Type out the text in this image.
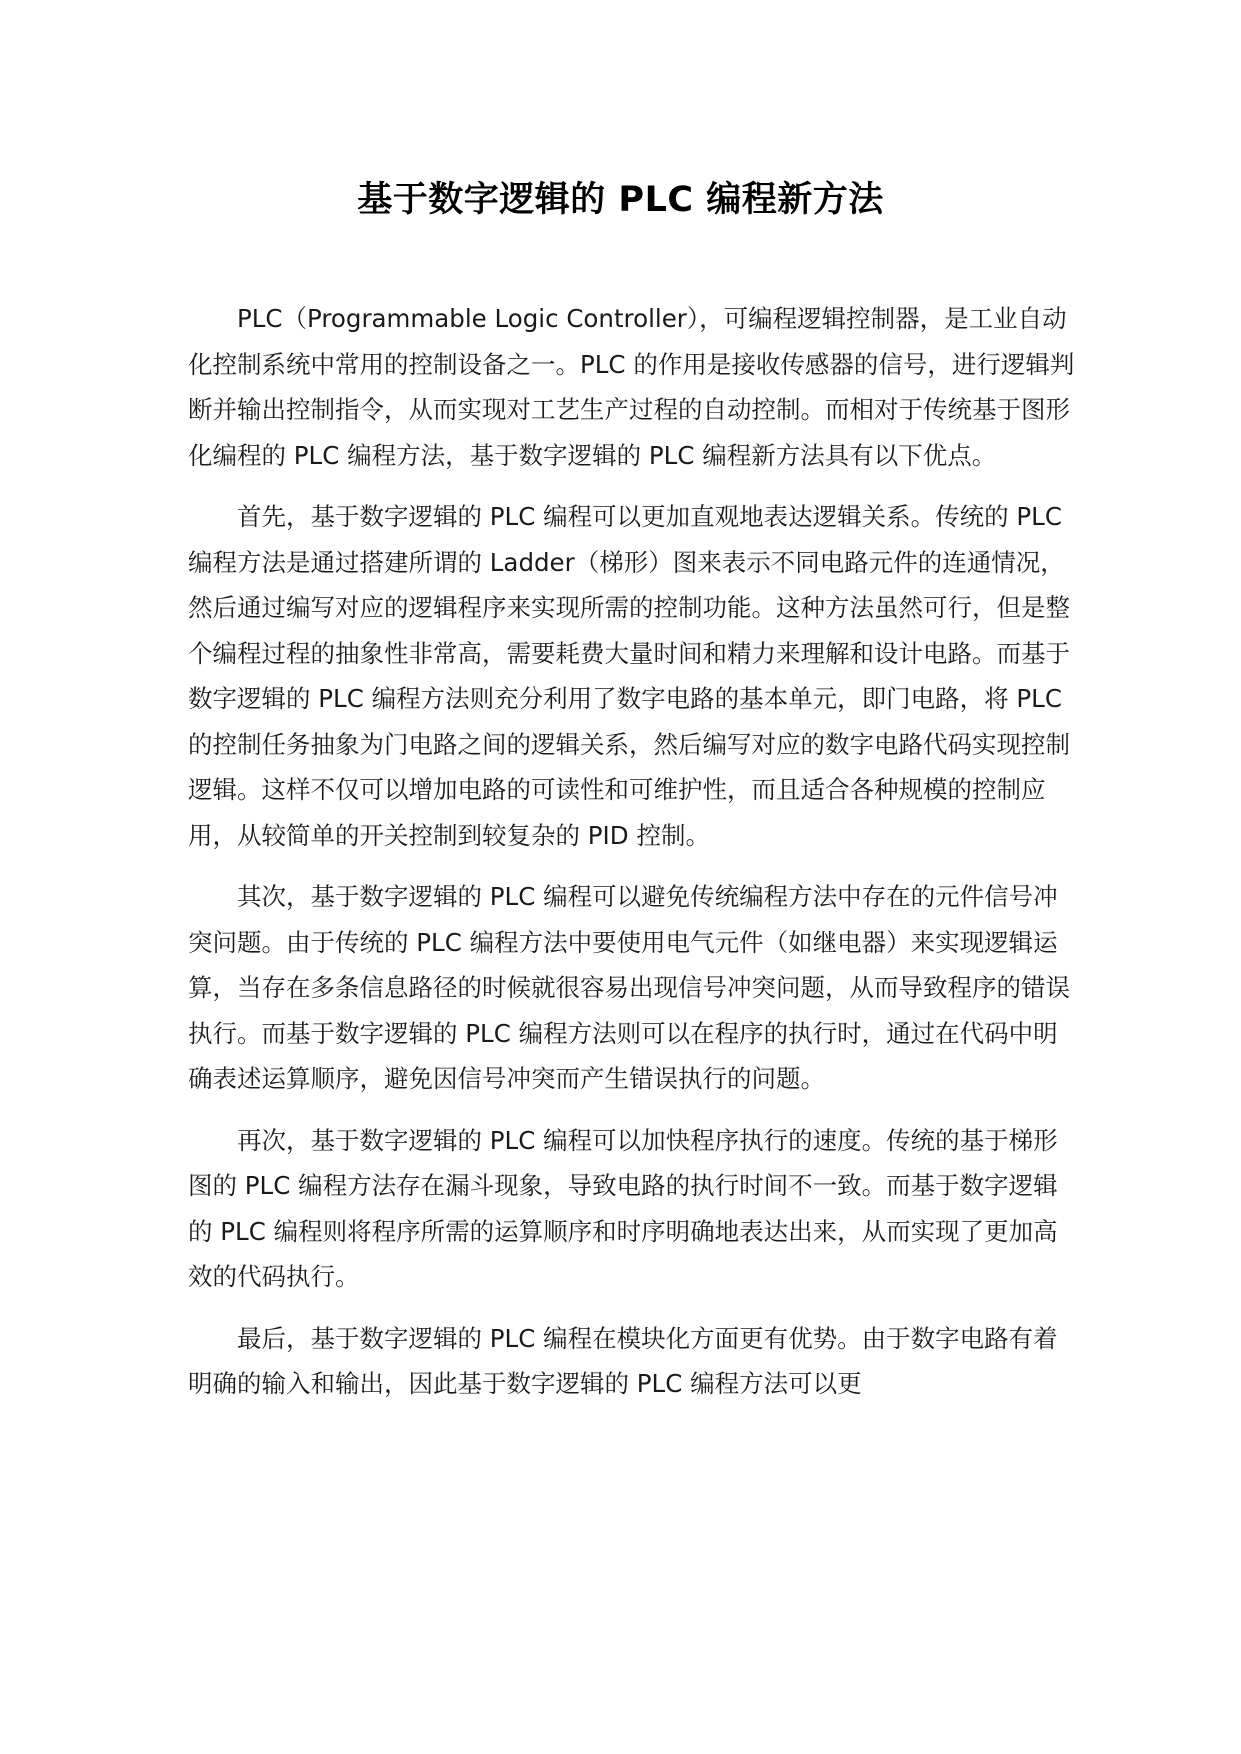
基于数字逻辑的 PLC 编程新方法

PLC（Programmable Logic Controller），可编程逻辑控制器，是工业自动化控制系统中常用的控制设备之一。PLC 的作用是接收传感器的信号，进行逻辑判断并输出控制指令，从而实现对工艺生产过程的自动控制。而相对于传统基于图形化编程的 PLC 编程方法，基于数字逻辑的 PLC 编程新方法具有以下优点。

首先，基于数字逻辑的 PLC 编程可以更加直观地表达逻辑关系。传统的 PLC 编程方法是通过搭建所谓的 Ladder（梯形）图来表示不同电路元件的连通情况，然后通过编写对应的逻辑程序来实现所需的控制功能。这种方法虽然可行，但是整个编程过程的抽象性非常高，需要耗费大量时间和精力来理解和设计电路。而基于数字逻辑的 PLC 编程方法则充分利用了数字电路的基本单元，即门电路，将 PLC 的控制任务抽象为门电路之间的逻辑关系，然后编写对应的数字电路代码实现控制逻辑。这样不仅可以增加电路的可读性和可维护性，而且适合各种规模的控制应用，从较简单的开关控制到较复杂的 PID 控制。

其次，基于数字逻辑的 PLC 编程可以避免传统编程方法中存在的元件信号冲突问题。由于传统的 PLC 编程方法中要使用电气元件（如继电器）来实现逻辑运算，当存在多条信息路径的时候就很容易出现信号冲突问题，从而导致程序的错误执行。而基于数字逻辑的 PLC 编程方法则可以在程序的执行时，通过在代码中明确表述运算顺序，避免因信号冲突而产生错误执行的问题。

再次，基于数字逻辑的 PLC 编程可以加快程序执行的速度。传统的基于梯形图的 PLC 编程方法存在漏斗现象，导致电路的执行时间不一致。而基于数字逻辑的 PLC 编程则将程序所需的运算顺序和时序明确地表达出来，从而实现了更加高效的代码执行。

最后，基于数字逻辑的 PLC 编程在模块化方面更有优势。由于数字电路有着明确的输入和输出，因此基于数字逻辑的 PLC 编程方法可以更
